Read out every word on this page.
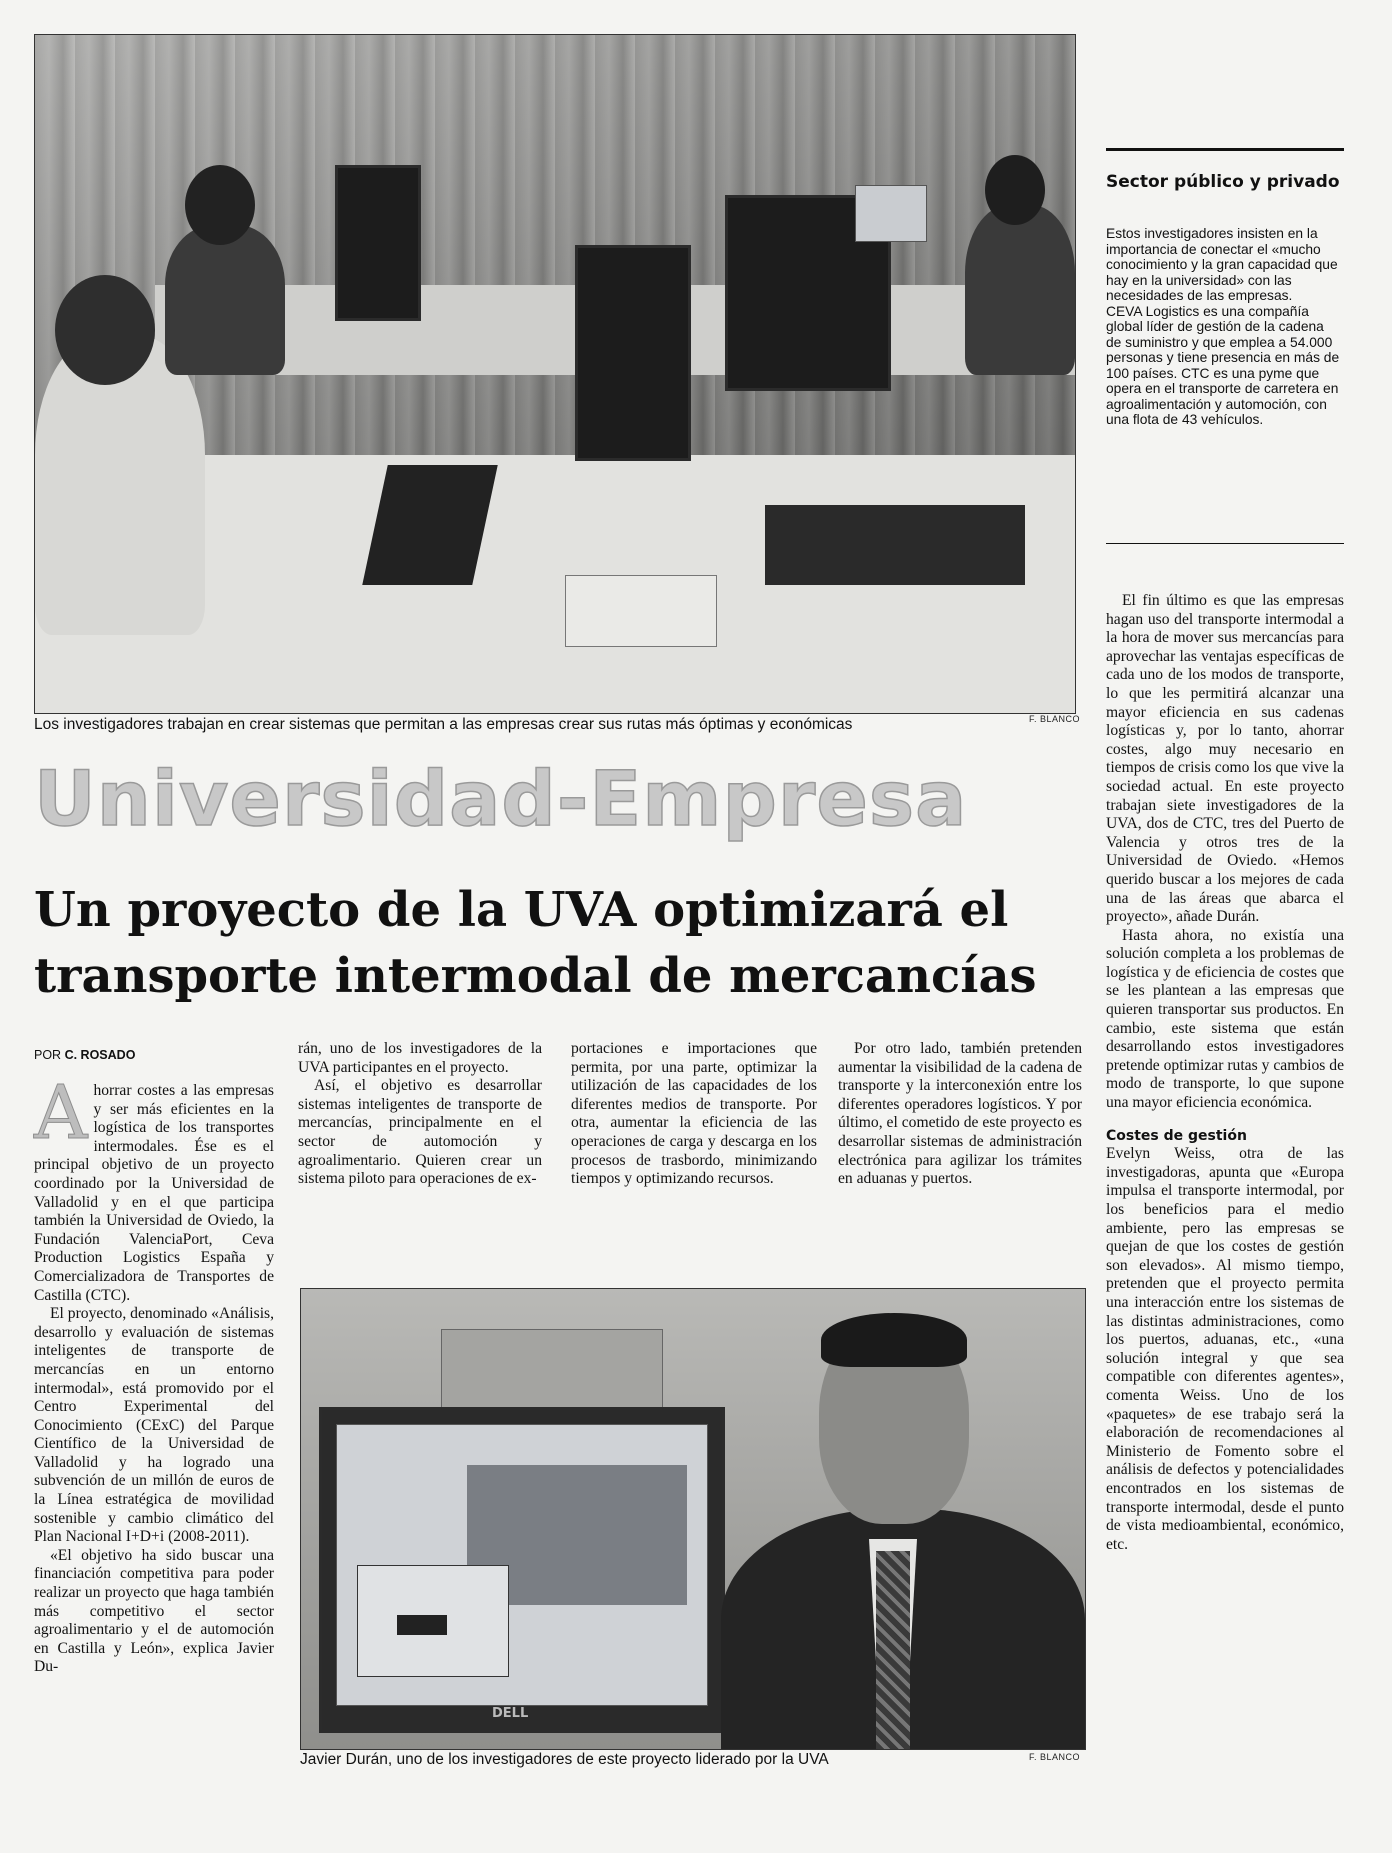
Los investigadores trabajan en crear sistemas que permitan a las empresas crear sus rutas más óptimas y económicas	F. BLANCO
Sector público y privado

Estos investigadores insisten en la importancia de conectar el «mucho conocimiento y la gran capacidad que hay en la universidad» con las necesidades de las empresas.

CEVA Logistics es una compañía global líder de gestión de la cadena de suministro y que emplea a 54.000 personas y tiene presencia en más de 100 países. CTC es una pyme que opera en el transporte de carretera en agroalimentación y automoción, con una flota de 43 vehículos.

Universidad-Empresa
Un proyecto de la UVA optimizará el
transporte intermodal de mercancías
POR C. ROSADO

Ahorrar costes a las empresas y ser más eficientes en la logística de los transportes intermodales. Ése es el principal objetivo de un proyecto coordinado por la Universidad de Valladolid y en el que participa también la Universidad de Oviedo, la Fundación ValenciaPort, Ceva Production Logistics España y Comercializadora de Transportes de Castilla (CTC).

El proyecto, denominado «Análisis, desarrollo y evaluación de sistemas inteligentes de transporte de mercancías en un entorno intermodal», está promovido por el Centro Experimental del Conocimiento (CExC) del Parque Científico de la Universidad de Valladolid y ha logrado una subvención de un millón de euros de la Línea estratégica de movilidad sostenible y cambio climático del Plan Nacional I+D+i (2008-2011).

«El objetivo ha sido buscar una financiación competitiva para poder realizar un proyecto que haga también más competitivo el sector agroalimentario y el de automoción en Castilla y León», explica Javier Du-

rán, uno de los investigadores de la UVA participantes en el proyecto.

Así, el objetivo es desarrollar sistemas inteligentes de transporte de mercancías, principalmente en el sector de automoción y agroalimentario. Quieren crear un sistema piloto para operaciones de ex-

portaciones e importaciones que permita, por una parte, optimizar la utilización de las capacidades de los diferentes medios de transporte. Por otra, aumentar la eficiencia de las operaciones de carga y descarga en los procesos de trasbordo, minimizando tiempos y optimizando recursos.

Por otro lado, también pretenden aumentar la visibilidad de la cadena de transporte y la interconexión entre los diferentes operadores logísticos. Y por último, el cometido de este proyecto es desarrollar sistemas de administración electrónica para agilizar los trámites en aduanas y puertos.

El fin último es que las empresas hagan uso del transporte intermodal a la hora de mover sus mercancías para aprovechar las ventajas específicas de cada uno de los modos de transporte, lo que les permitirá alcanzar una mayor eficiencia en sus cadenas logísticas y, por lo tanto, ahorrar costes, algo muy necesario en tiempos de crisis como los que vive la sociedad actual. En este proyecto trabajan siete investigadores de la UVA, dos de CTC, tres del Puerto de Valencia y otros tres de la Universidad de Oviedo. «Hemos querido buscar a los mejores de cada una de las áreas que abarca el proyecto», añade Durán.

Hasta ahora, no existía una solución completa a los problemas de logística y de eficiencia de costes que se les plantean a las empresas que quieren transportar sus productos. En cambio, este sistema que están desarrollando estos investigadores pretende optimizar rutas y cambios de modo de transporte, lo que supone una mayor eficiencia económica.

Costes de gestión

Evelyn Weiss, otra de las investigadoras, apunta que «Europa impulsa el transporte intermodal, por los beneficios para el medio ambiente, pero las empresas se quejan de que los costes de gestión son elevados». Al mismo tiempo, pretenden que el proyecto permita una interacción entre los sistemas de las distintas administraciones, como los puertos, aduanas, etc., «una solución integral y que sea compatible con diferentes agentes», comenta Weiss. Uno de los «paquetes» de ese trabajo será la elaboración de recomendaciones al Ministerio de Fomento sobre el análisis de defectos y potencialidades encontrados en los sistemas de transporte intermodal, desde el punto de vista medioambiental, económico, etc.

DELL
Javier Durán, uno de los investigadores de este proyecto liderado por la UVA	F. BLANCO
